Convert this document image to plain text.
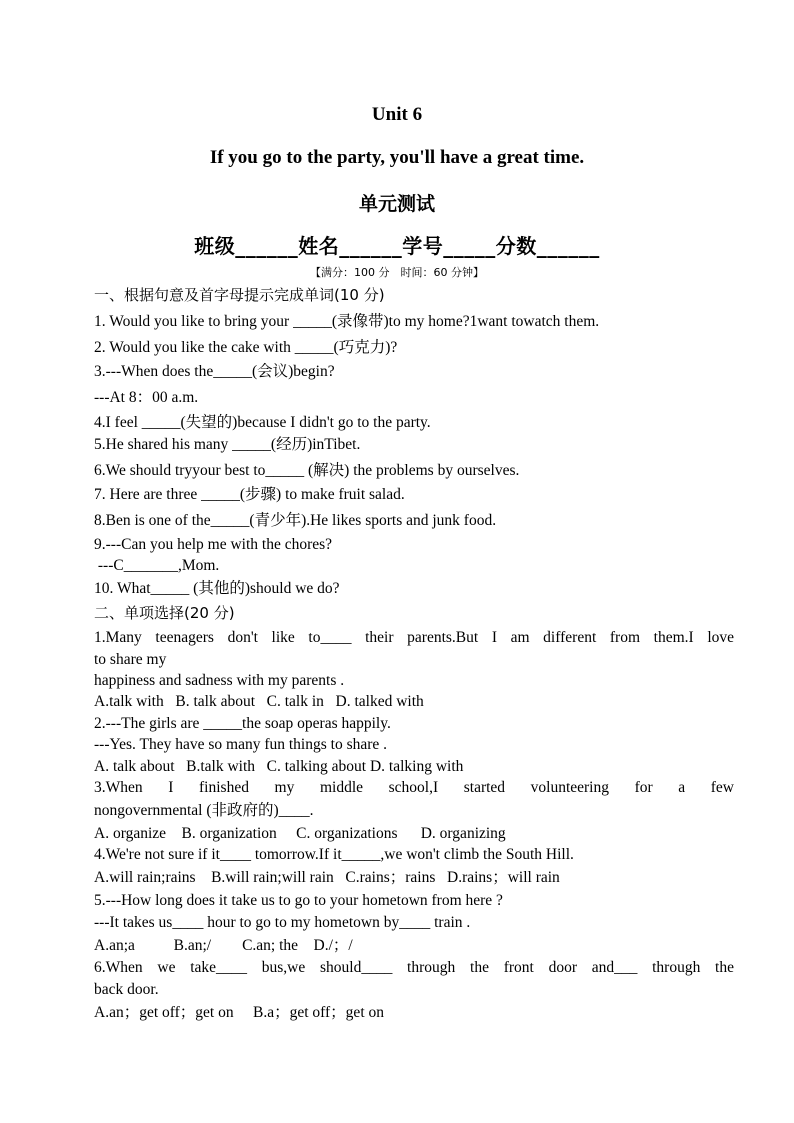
Unit 6
If you go to the party, you'll have a great time.
单元测试
班级______姓名______学号_____分数______
【满分：100 分　时间：60 分钟】
一、根据句意及首字母提示完成单词(10 分)
1. Would you like to bring your _____(录像带)to my home?1want towatch them.
2. Would you like the cake with _____(巧克力)?
3.---When does the_____(会议)begin?
---At 8：00 a.m.
4.I feel _____(失望的)because I didn't go to the party.
5.He shared his many _____(经历)inTibet.
6.We should tryyour best to_____ (解决) the problems by ourselves.
7. Here are three _____(步骤) to make fruit salad.
8.Ben is one of the_____(青少年).He likes sports and junk food.
9.---Can you help me with the chores?
---C_______,Mom.
10. What_____ (其他的)should we do?
二、单项选择(20 分)
1.Many teenagers don't like to____ their parents.But I am different from them.I love
to share my
happiness and sadness with my parents .
A.talk with   B. talk about   C. talk in   D. talked with
2.---The girls are _____the soap operas happily.
---Yes. They have so many fun things to share .
A. talk about   B.talk with   C. talking about D. talking with
3.When I finished my middle school,I started volunteering for a few
nongovernmental (非政府的)____.
A. organize    B. organization     C. organizations      D. organizing
4.We're not sure if it____ tomorrow.If it_____,we won't climb the South Hill.
A.will rain;rains    B.will rain;will rain   C.rains；rains   D.rains；will rain
5.---How long does it take us to go to your hometown from here ?
---It takes us____ hour to go to my hometown by____ train .
A.an;a          B.an;/        C.an; the    D./；/
6.When we take____ bus,we should____ through the front door and___ through the
back door.
A.an；get off；get on     B.a；get off；get on
